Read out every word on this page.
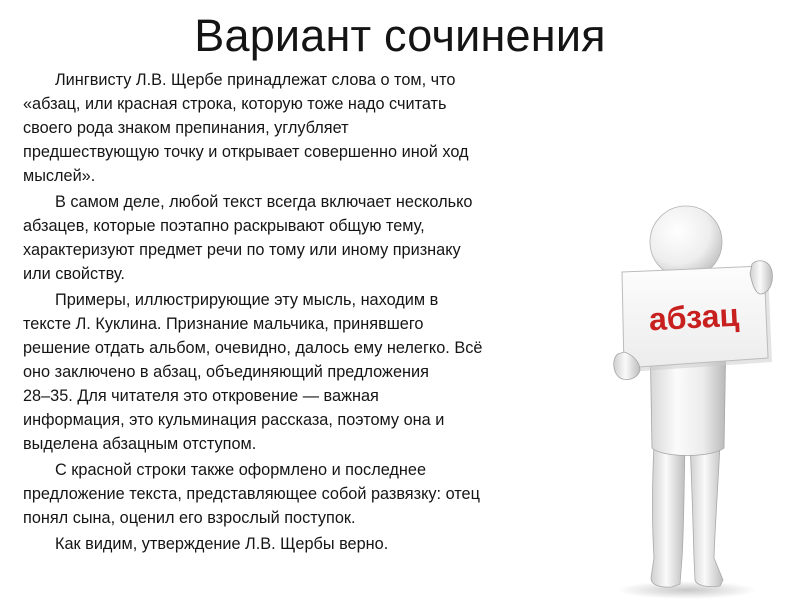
Вариант сочинения

Лингвисту Л.В. Щербе принадлежат слова о том, что
«абзац, или красная строка, которую тоже надо считать
своего рода знаком препинания, углубляет
предшествующую точку и открывает совершенно иной ход
мыслей».

В самом деле, любой текст всегда включает несколько
абзацев, которые поэтапно раскрывают общую тему,
характеризуют предмет речи по тому или иному признаку
или свойству.

Примеры, иллюстрирующие эту мысль, находим в
тексте Л. Куклина. Признание мальчика, принявшего
решение отдать альбом, очевидно, далось ему нелегко. Всё
оно заключено в абзац, объединяющий предложения
28–35. Для читателя это откровение — важная
информация, это кульминация рассказа, поэтому она и
выделена абзацным отступом.

С красной строки также оформлено и последнее
предложение текста, представляющее собой развязку: отец
понял сына, оценил его взрослый поступок.

Как видим, утверждение Л.В. Щербы верно.

абзац
